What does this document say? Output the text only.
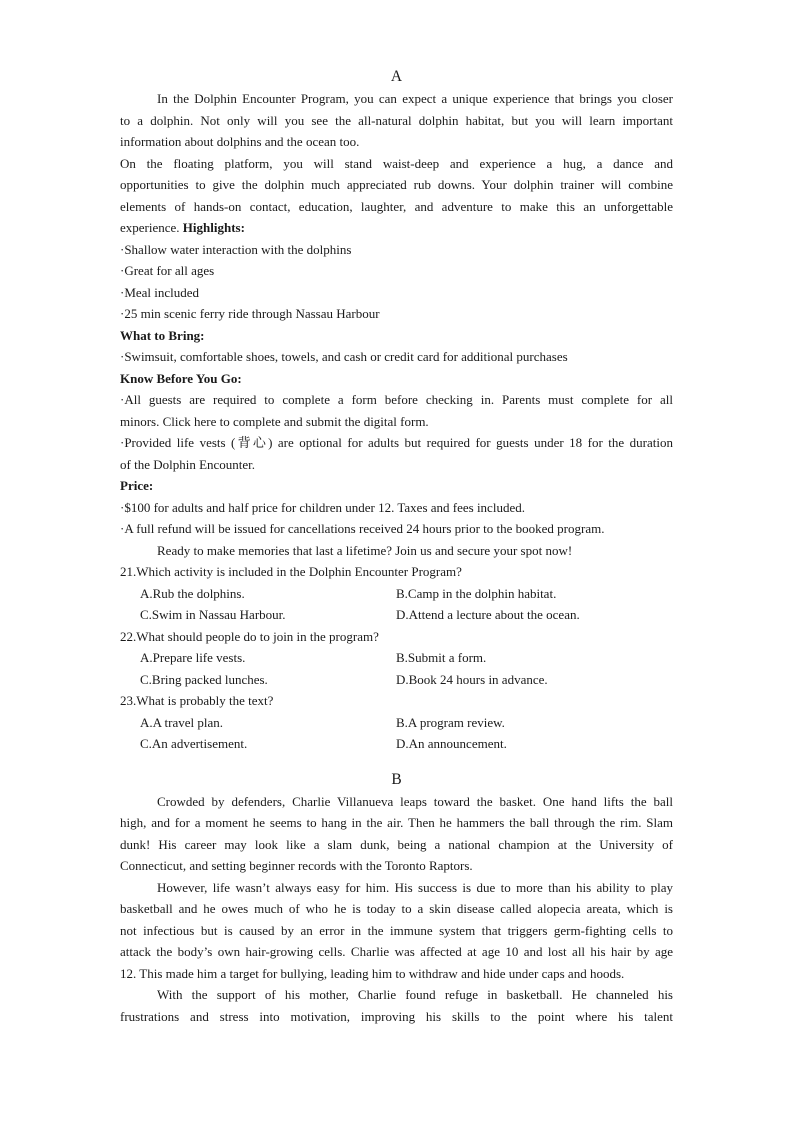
A
In the Dolphin Encounter Program, you can expect a unique experience that brings you closer
to a dolphin. Not only will you see the all-natural dolphin habitat, but you will learn important
information about dolphins and the ocean too.
On the floating platform, you will stand waist-deep and experience a hug, a dance and
opportunities to give the dolphin much appreciated rub downs. Your dolphin trainer will combine
elements of hands-on contact, education, laughter, and adventure to make this an unforgettable
experience. Highlights:
·Shallow water interaction with the dolphins
·Great for all ages
·Meal included
·25 min scenic ferry ride through Nassau Harbour
What to Bring:
·Swimsuit, comfortable shoes, towels, and cash or credit card for additional purchases
Know Before You Go:
·All guests are required to complete a form before checking in. Parents must complete for all
minors. Click here to complete and submit the digital form.
·Provided life vests (背心) are optional for adults but required for guests under 18 for the duration
of the Dolphin Encounter.
Price:
·$100 for adults and half price for children under 12. Taxes and fees included.
·A full refund will be issued for cancellations received 24 hours prior to the booked program.
Ready to make memories that last a lifetime? Join us and secure your spot now!
21.Which activity is included in the Dolphin Encounter Program?
A.Rub the dolphins.	B.Camp in the dolphin habitat.
C.Swim in Nassau Harbour.	D.Attend a lecture about the ocean.
22.What should people do to join in the program?
A.Prepare life vests.	B.Submit a form.
C.Bring packed lunches.	D.Book 24 hours in advance.
23.What is probably the text?
A.A travel plan.	B.A program review.
C.An advertisement.	D.An announcement.
B
Crowded by defenders, Charlie Villanueva leaps toward the basket. One hand lifts the ball
high, and for a moment he seems to hang in the air. Then he hammers the ball through the rim. Slam
dunk! His career may look like a slam dunk, being a national champion at the University of
Connecticut, and setting beginner records with the Toronto Raptors.
However, life wasn’t always easy for him. His success is due to more than his ability to play
basketball and he owes much of who he is today to a skin disease called alopecia areata, which is
not infectious but is caused by an error in the immune system that triggers germ-fighting cells to
attack the body’s own hair-growing cells. Charlie was affected at age 10 and lost all his hair by age
12. This made him a target for bullying, leading him to withdraw and hide under caps and hoods.
With the support of his mother, Charlie found refuge in basketball. He channeled his
frustrations and stress into motivation, improving his skills to the point where his talent
